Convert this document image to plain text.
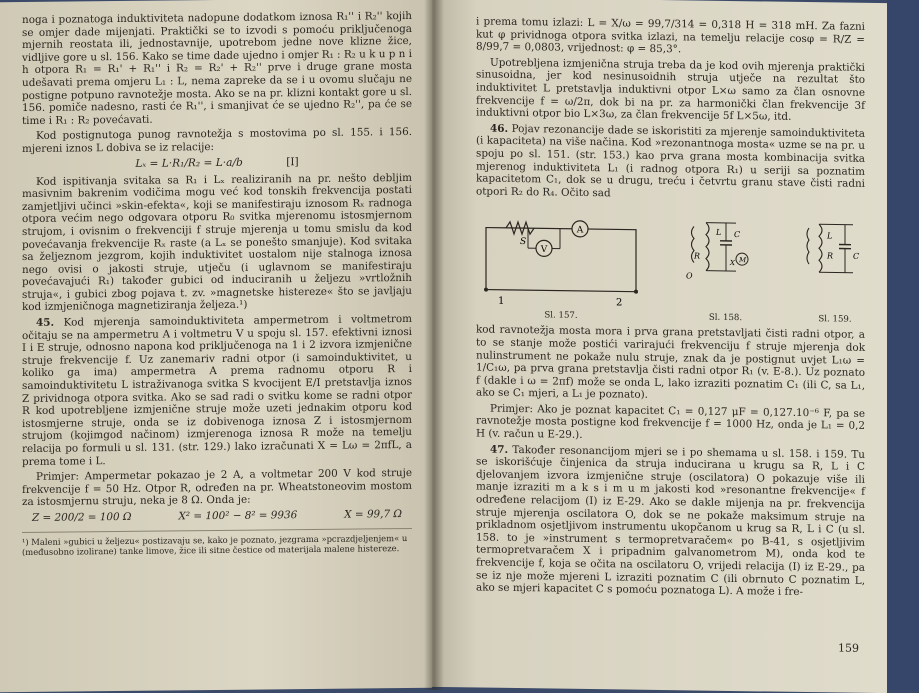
noga i poznatoga induktiviteta nadopune dodatkom iznosa R₁'' i R₂'' kojih se omjer dade mijenjati. Praktički se to izvodi s pomoću priključenoga mjernih reostata ili, jednostavnije, upotrebom jedne nove klizne žice, vidljive gore u sl. 156. Kako se time dade ujedno i omjer R₁ : R₂ u k u p n i h otpora R₁ = R₁' + R₁'' i R₂ = R₂' + R₂'' prve i druge grane mosta udešavati prema omjeru L₁ : L, nema zapreke da se i u ovomu slučaju ne postigne potpuno ravnotežje mosta. Ako se na pr. klizni kontakt gore u sl. 156. pomiče nadesno, rasti će R₁'', i smanjivat će se ujedno R₂'', pa će se time i R₁ : R₂ povećavati.

Kod postignutoga punog ravnotežja s mostovima po sl. 155. i 156. mjereni iznos L dobiva se iz relacije:

Lₓ = L·R₁/R₂ = L·a/b	[I]

Kod ispitivanja svitaka sa R₁ i Lₓ realiziranih na pr. nešto debljim masivnim bakrenim vodičima mogu već kod tonskih frekvencija postati zamjetljivi učinci »skin-efekta«, koji se manifestiraju iznosom Rₓ radnoga otpora većim nego odgovara otporu R₀ svitka mjerenomu istosmjernom strujom, i ovisnim o frekvenciji f struje mjerenja u tomu smislu da kod povećavanja frekvencije Rₓ raste (a Lₓ se ponešto smanjuje). Kod svitaka sa željeznom jezgrom, kojih induktivitet uostalom nije stalnoga iznosa nego ovisi o jakosti struje, utječu (i uglavnom se manifestiraju povećavajući R₁) također gubici od induciranih u željezu »vrtložnih struja«, i gubici zbog pojava t. zv. »magnetske histereze« što se javljaju kod izmjeničnoga magnetiziranja željeza.¹)

45. Kod mjerenja samoinduktiviteta ampermetrom i voltmetrom očitaju se na ampermetru A i voltmetru V u spoju sl. 157. efektivni iznosi I i E struje, odnosno napona kod priključenoga na 1 i 2 izvora izmjenične struje frekvencije f. Uz zanemariv radni otpor (i samoinduktivitet, u koliko ga ima) ampermetra A prema radnomu otporu R i samoinduktivitetu L istraživanoga svitka S kvocijent E/I pretstavlja iznos Z prividnoga otpora svitka. Ako se sad radi o svitku kome se radni otpor R kod upotrebljene izmjenične struje može uzeti jednakim otporu kod istosmjerne struje, onda se iz dobivenoga iznosa Z i istosmjernom strujom (kojimgod načinom) izmjerenoga iznosa R može na temelju relacija po formuli u sl. 131. (str. 129.) lako izračunati X = Lω = 2πfL, a prema tome i L.

Primjer: Ampermetar pokazao je 2 A, a voltmetar 200 V kod struje frekvencije f = 50 Hz. Otpor R, određen na pr. Wheatstoneovim mostom za istosmjernu struju, neka je 8 Ω. Onda je:

Z = 200/2 = 100 Ω	X² = 100² − 8² = 9936	X = 99,7 Ω
¹) Maleni »gubici u željezu« postizavaju se, kako je poznato, jezgrama »pcrazdjeljenjem« u (međusobno izolirane) tanke limove, žice ili sitne čestice od materijala malene histereze.

i prema tomu izlazi: L = X/ω = 99,7/314 = 0,318 H = 318 mH. Za fazni kut φ prividnoga otpora svitka izlazi, na temelju relacije cosφ = R/Z = 8/99,7 = 0,0803, vrijednost: φ = 85,3°.

Upotrebljena izmjenična struja treba da je kod ovih mjerenja praktički sinusoidna, jer kod nesinusoidnih struja utječe na rezultat što induktivitet L pretstavlja induktivni otpor L×ω samo za član osnovne frekvencije f = ω/2π, dok bi na pr. za harmonički član frekvencije 3f induktivni otpor bio L×3ω, za član frekvencije 5f L×5ω, itd.

46. Pojav rezonancije dade se iskoristiti za mjerenje samoinduktiviteta (i kapaciteta) na više načina. Kod »rezonantnoga mosta« uzme se na pr. u spoju po sl. 151. (str. 153.) kao prva grana mosta kombinacija svitka mjerenog induktiviteta L₁ (i radnog otpora R₁) u seriji sa poznatim kapacitetom C₁, dok se u drugu, treću i četvrtu granu stave čisti radni otpori R₂ do R₄. Očito sad

A
V
S
1	2
Sl. 157.
L C
R
O
X M
Sl. 158.
L
R C
Sl. 159.

kod ravnotežja mosta mora i prva grana pretstavljati čisti radni otpor, a to se stanje može postići varirajući frekvenciju f struje mjerenja dok nulinstrument ne pokaže nulu struje, znak da je postignut uvjet L₁ω = 1/C₁ω, pa prva grana pretstavlja čisti radni otpor R₁ (v. E-8.). Uz poznato f (dakle i ω = 2πf) može se onda L, lako izraziti poznatim C₁ (ili C, sa L₁, ako se C₁ mjeri, a L₁ je poznato).

Primjer: Ako je poznat kapacitet C₁ = 0,127 μF = 0,127.10⁻⁶ F, pa se ravnotežje mosta postigne kod frekvencije f = 1000 Hz, onda je L₁ = 0,2 H (v. račun u E-29.).

47. Također resonancijom mjeri se i po shemama u sl. 158. i 159. Tu se iskorišćuje činjenica da struja inducirana u krugu sa R, L i C djelovanjem izvora izmjenične struje (oscilatora) O pokazuje više ili manje izraziti m a k s i m u m jakosti kod »resonantne frekvencije« f određene relacijom (I) iz E-29. Ako se dakle mijenja na pr. frekvencija struje mjerenja oscilatora O, dok se ne pokaže maksimum struje na prikladnom osjetljivom instrumentu ukopčanom u krug sa R, L i C (u sl. 158. to je »instrument s termopretvaračem« po B-41, s osjetljivim termopretvaračem X i pripadnim galvanometrom M), onda kod te frekvencije f, koja se očita na oscilatoru O, vrijedi relacija (I) iz E-29., pa se iz nje može mjereni L izraziti poznatim C (ili obrnuto C poznatim L, ako se mjeri kapacitet C s pomoću poznatoga L). A može i fre-

159
